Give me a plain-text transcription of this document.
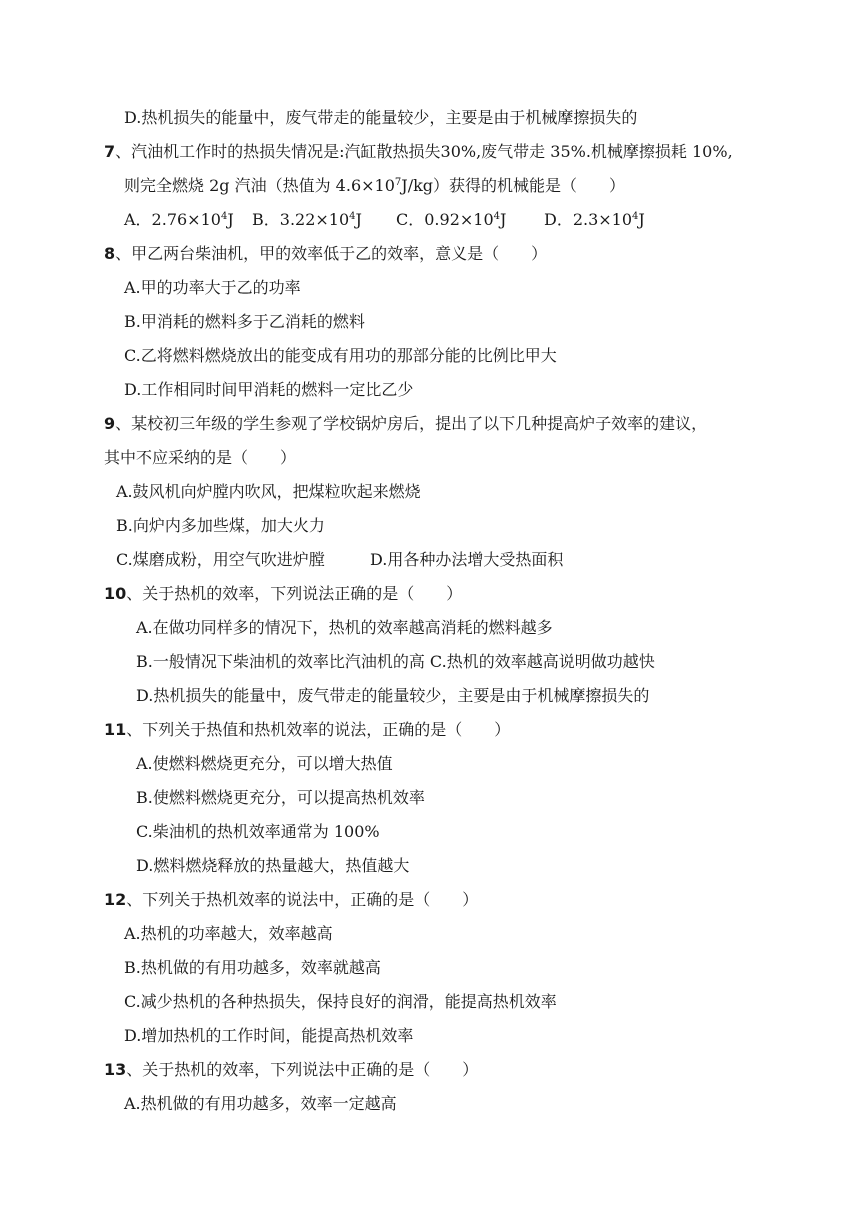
D.热机损失的能量中，废气带走的能量较少，主要是由于机械摩擦损失的
7、汽油机工作时的热损失情况是:汽缸散热损失30%,废气带走 35%.机械摩擦损耗 10%,
则完全燃烧 2g 汽油（热值为 $4.6\times 10^7J/kg$）获得的机械能是（　　）
A．$2.76\times 10^4J$ B．$3.22\times 10^4J$ C．$0.92\times 10^4J$ D．$2.3\times 10^4J$
8、甲乙两台柴油机，甲的效率低于乙的效率，意义是（　　）
A.甲的功率大于乙的功率
B.甲消耗的燃料多于乙消耗的燃料
C.乙将燃料燃烧放出的能变成有用功的那部分能的比例比甲大
D.工作相同时间甲消耗的燃料一定比乙少
9、某校初三年级的学生参观了学校锅炉房后，提出了以下几种提高炉子效率的建议，
其中不应采纳的是（　　）
A.鼓风机向炉膛内吹风，把煤粒吹起来燃烧
B.向炉内多加些煤，加大火力
C.煤磨成粉，用空气吹进炉膛	D.用各种办法增大受热面积
10、关于热机的效率，下列说法正确的是（　　）
A.在做功同样多的情况下，热机的效率越高消耗的燃料越多
B.一般情况下柴油机的效率比汽油机的高 C.热机的效率越高说明做功越快
D.热机损失的能量中，废气带走的能量较少，主要是由于机械摩擦损失的
11、下列关于热值和热机效率的说法，正确的是（　　）
A.使燃料燃烧更充分，可以增大热值
B.使燃料燃烧更充分，可以提高热机效率
C.柴油机的热机效率通常为 100%
D.燃料燃烧释放的热量越大，热值越大
12、下列关于热机效率的说法中，正确的是（　　）
A.热机的功率越大，效率越高
B.热机做的有用功越多，效率就越高
C.减少热机的各种热损失，保持良好的润滑，能提高热机效率
D.增加热机的工作时间，能提高热机效率
13、关于热机的效率，下列说法中正确的是（　　）
A.热机做的有用功越多，效率一定越高
